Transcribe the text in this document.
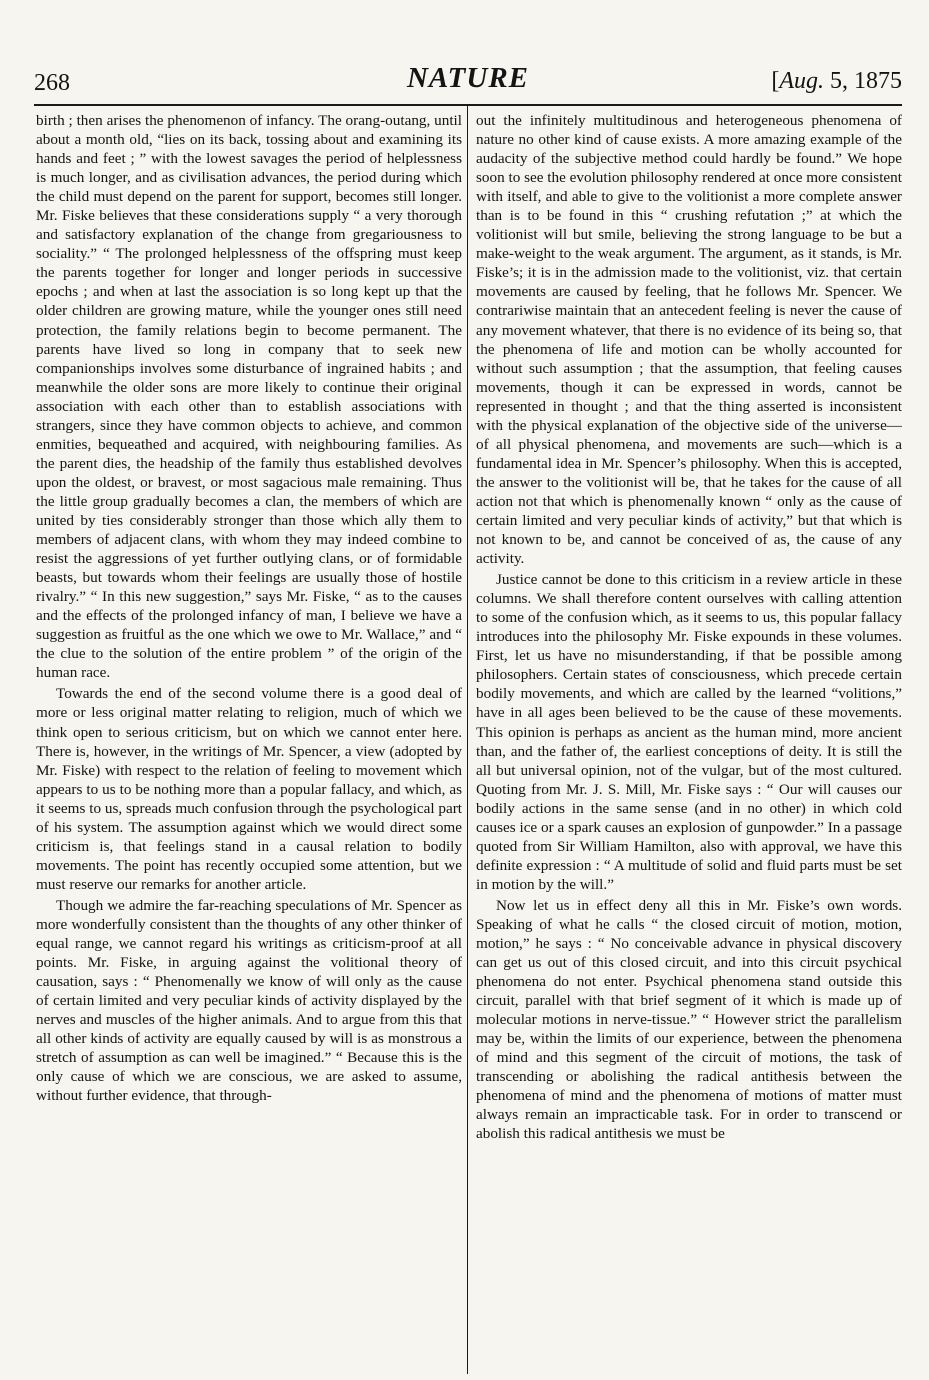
268	NATURE	[Aug. 5, 1875

birth ; then arises the phenomenon of infancy. The orang-outang, until about a month old, “lies on its back, tossing about and examining its hands and feet ; ” with the lowest savages the period of helplessness is much longer, and as civilisation advances, the period during which the child must depend on the parent for support, becomes still longer. Mr. Fiske believes that these considerations supply “ a very thorough and satisfactory explanation of the change from gregariousness to sociality.” “ The prolonged helplessness of the offspring must keep the parents together for longer and longer periods in successive epochs ; and when at last the association is so long kept up that the older children are growing mature, while the younger ones still need protection, the family relations begin to become permanent. The parents have lived so long in company that to seek new companionships involves some disturbance of ingrained habits ; and meanwhile the older sons are more likely to continue their original association with each other than to establish associations with strangers, since they have common objects to achieve, and common enmities, bequeathed and acquired, with neighbouring families. As the parent dies, the headship of the family thus established devolves upon the oldest, or bravest, or most sagacious male remaining. Thus the little group gradually becomes a clan, the members of which are united by ties considerably stronger than those which ally them to members of adjacent clans, with whom they may indeed combine to resist the aggressions of yet further outlying clans, or of formidable beasts, but towards whom their feelings are usually those of hostile rivalry.” “ In this new suggestion,” says Mr. Fiske, “ as to the causes and the effects of the prolonged infancy of man, I believe we have a suggestion as fruitful as the one which we owe to Mr. Wallace,” and “ the clue to the solution of the entire problem ” of the origin of the human race.

Towards the end of the second volume there is a good deal of more or less original matter relating to religion, much of which we think open to serious criticism, but on which we cannot enter here. There is, however, in the writings of Mr. Spencer, a view (adopted by Mr. Fiske) with respect to the relation of feeling to movement which appears to us to be nothing more than a popular fallacy, and which, as it seems to us, spreads much confusion through the psychological part of his system. The assumption against which we would direct some criticism is, that feelings stand in a causal relation to bodily movements. The point has recently occupied some attention, but we must reserve our remarks for another article.

Though we admire the far-reaching speculations of Mr. Spencer as more wonderfully consistent than the thoughts of any other thinker of equal range, we cannot regard his writings as criticism-proof at all points. Mr. Fiske, in arguing against the volitional theory of causation, says : “ Phenomenally we know of will only as the cause of certain limited and very peculiar kinds of activity displayed by the nerves and muscles of the higher animals. And to argue from this that all other kinds of activity are equally caused by will is as monstrous a stretch of assumption as can well be imagined.” “ Because this is the only cause of which we are conscious, we are asked to assume, without further evidence, that through-

out the infinitely multitudinous and heterogeneous phenomena of nature no other kind of cause exists. A more amazing example of the audacity of the subjective method could hardly be found.” We hope soon to see the evolution philosophy rendered at once more consistent with itself, and able to give to the volitionist a more complete answer than is to be found in this “ crushing refutation ;” at which the volitionist will but smile, believing the strong language to be but a make-weight to the weak argument. The argument, as it stands, is Mr. Fiske’s; it is in the admission made to the volitionist, viz. that certain movements are caused by feeling, that he follows Mr. Spencer. We contrariwise maintain that an antecedent feeling is never the cause of any movement whatever, that there is no evidence of its being so, that the phenomena of life and motion can be wholly accounted for without such assumption ; that the assumption, that feeling causes movements, though it can be expressed in words, cannot be represented in thought ; and that the thing asserted is inconsistent with the physical explanation of the objective side of the universe—of all physical phenomena, and movements are such—which is a fundamental idea in Mr. Spencer’s philosophy. When this is accepted, the answer to the volitionist will be, that he takes for the cause of all action not that which is phenomenally known “ only as the cause of certain limited and very peculiar kinds of activity,” but that which is not known to be, and cannot be conceived of as, the cause of any activity.

Justice cannot be done to this criticism in a review article in these columns. We shall therefore content ourselves with calling attention to some of the confusion which, as it seems to us, this popular fallacy introduces into the philosophy Mr. Fiske expounds in these volumes. First, let us have no misunderstanding, if that be possible among philosophers. Certain states of consciousness, which precede certain bodily movements, and which are called by the learned “volitions,” have in all ages been believed to be the cause of these movements. This opinion is perhaps as ancient as the human mind, more ancient than, and the father of, the earliest conceptions of deity. It is still the all but universal opinion, not of the vulgar, but of the most cultured. Quoting from Mr. J. S. Mill, Mr. Fiske says : “ Our will causes our bodily actions in the same sense (and in no other) in which cold causes ice or a spark causes an explosion of gunpowder.” In a passage quoted from Sir William Hamilton, also with approval, we have this definite expression : “ A multitude of solid and fluid parts must be set in motion by the will.”

Now let us in effect deny all this in Mr. Fiske’s own words. Speaking of what he calls “ the closed circuit of motion, motion, motion,” he says : “ No conceivable advance in physical discovery can get us out of this closed circuit, and into this circuit psychical phenomena do not enter. Psychical phenomena stand outside this circuit, parallel with that brief segment of it which is made up of molecular motions in nerve-tissue.” “ However strict the parallelism may be, within the limits of our experience, between the phenomena of mind and this segment of the circuit of motions, the task of transcending or abolishing the radical antithesis between the phenomena of mind and the phenomena of motions of matter must always remain an impracticable task. For in order to transcend or abolish this radical antithesis we must be
